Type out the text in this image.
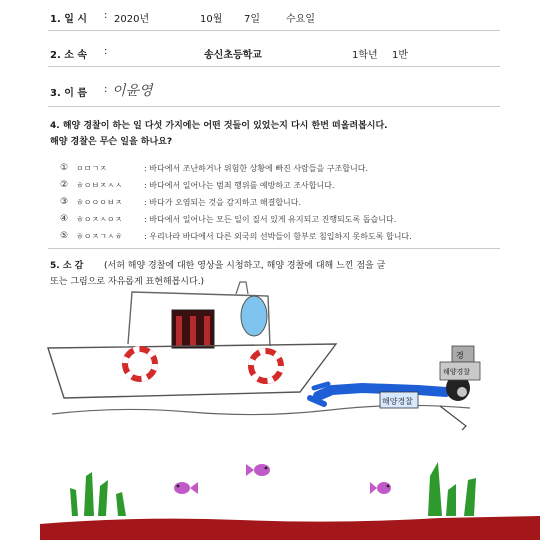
1. 일 시 : 2020년	10월 7일	수요일
2. 소 속 :	송신초등학교	1학년 1반
3. 이 름 : 이윤영
4. 해양 경찰이 하는 일 다섯 가지에는 어떤 것들이 있었는지 다시 한번 떠올려봅시다.
해양 경찰은 무슨 일을 하나요?
① ㅇㅁㄱㅈ	: 바다에서 조난하거나 위험한 상황에 빠진 사람들을 구조합니다.
② ㅎㅇㅂㅈㅅㅅ	: 바다에서 일어나는 범죄 행위를 예방하고 조사합니다.
③ ㅎㅇㅇㅇㅂㅈ	: 바다가 오염되는 것을 감지하고 해결합니다.
④ ㅎㅇㅈㅅㅇㅈ	: 바다에서 일어나는 모든 일이 질서 있게 유지되고 진행되도록 돕습니다.
⑤ ㅎㅇㅈㄱㅅㅎ	: 우리나라 바다에서 다른 외국의 선박들이 함부로 침입하지 못하도록 합니다.
5. 소 감 (서허 해양 경찰에 대한 영상을 시청하고, 해양 경찰에 대해 느낀 점을 글
또는 그림으로 자유롭게 표현해봅시다.)
해양경찰
경
해양경찰
